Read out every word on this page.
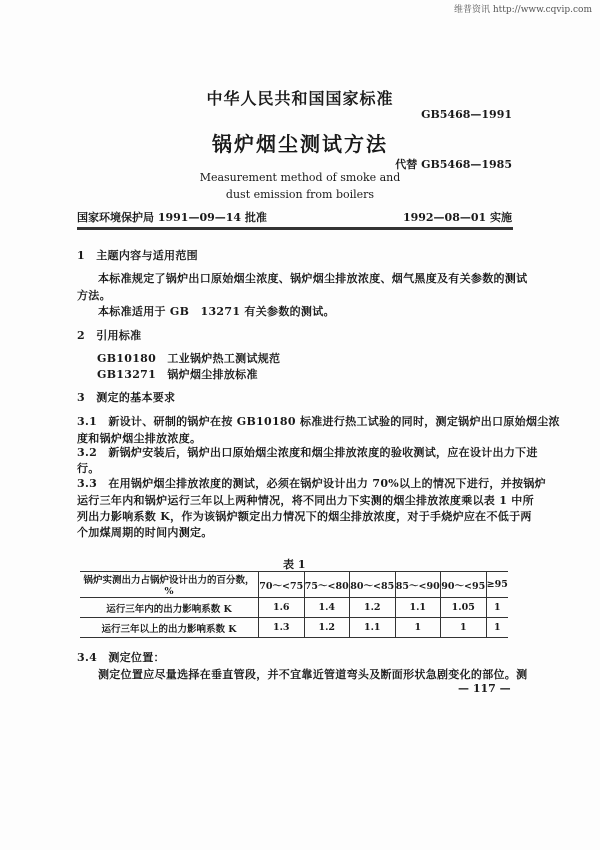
维普资讯 http://www.cqvip.com
中华人民共和国国家标准
GB5468—1991
锅炉烟尘测试方法
代替 GB5468—1985
Measurement method of smoke and
dust emission from boilers
国家环境保护局 1991—09—14 批准	1992—08—01 实施
1　主题内容与适用范围
本标准规定了锅炉出口原始烟尘浓度、锅炉烟尘排放浓度、烟气黑度及有关参数的测试
方法。
本标准适用于 GB　13271 有关参数的测试。
2　引用标准
GB10180　工业锅炉热工测试规范
GB13271　锅炉烟尘排放标准
3　测定的基本要求
3.1　新设计、研制的锅炉在按 GB10180 标准进行热工试验的同时，测定锅炉出口原始烟尘浓
度和锅炉烟尘排放浓度。
3.2　新锅炉安装后，锅炉出口原始烟尘浓度和烟尘排放浓度的验收测试，应在设计出力下进
行。
3.3　在用锅炉烟尘排放浓度的测试，必须在锅炉设计出力 70%以上的情况下进行，并按锅炉
运行三年内和锅炉运行三年以上两种情况，将不同出力下实测的烟尘排放浓度乘以表 1 中所
列出力影响系数 K，作为该锅炉额定出力情况下的烟尘排放浓度，对于手烧炉应在不低于两
个加煤周期的时间内测定。
表 1
锅炉实测出力占锅炉设计出力的百分数，%	70～<75	75～<80	80～<85	85～<90	90～<95	≥95
运行三年内的出力影响系数 K	1.6	1.4	1.2	1.1	1.05	1
运行三年以上的出力影响系数 K	1.3	1.2	1.1	1	1	1
3.4　测定位置：
测定位置应尽量选择在垂直管段，并不宜靠近管道弯头及断面形状急剧变化的部位。测
— 117 —
